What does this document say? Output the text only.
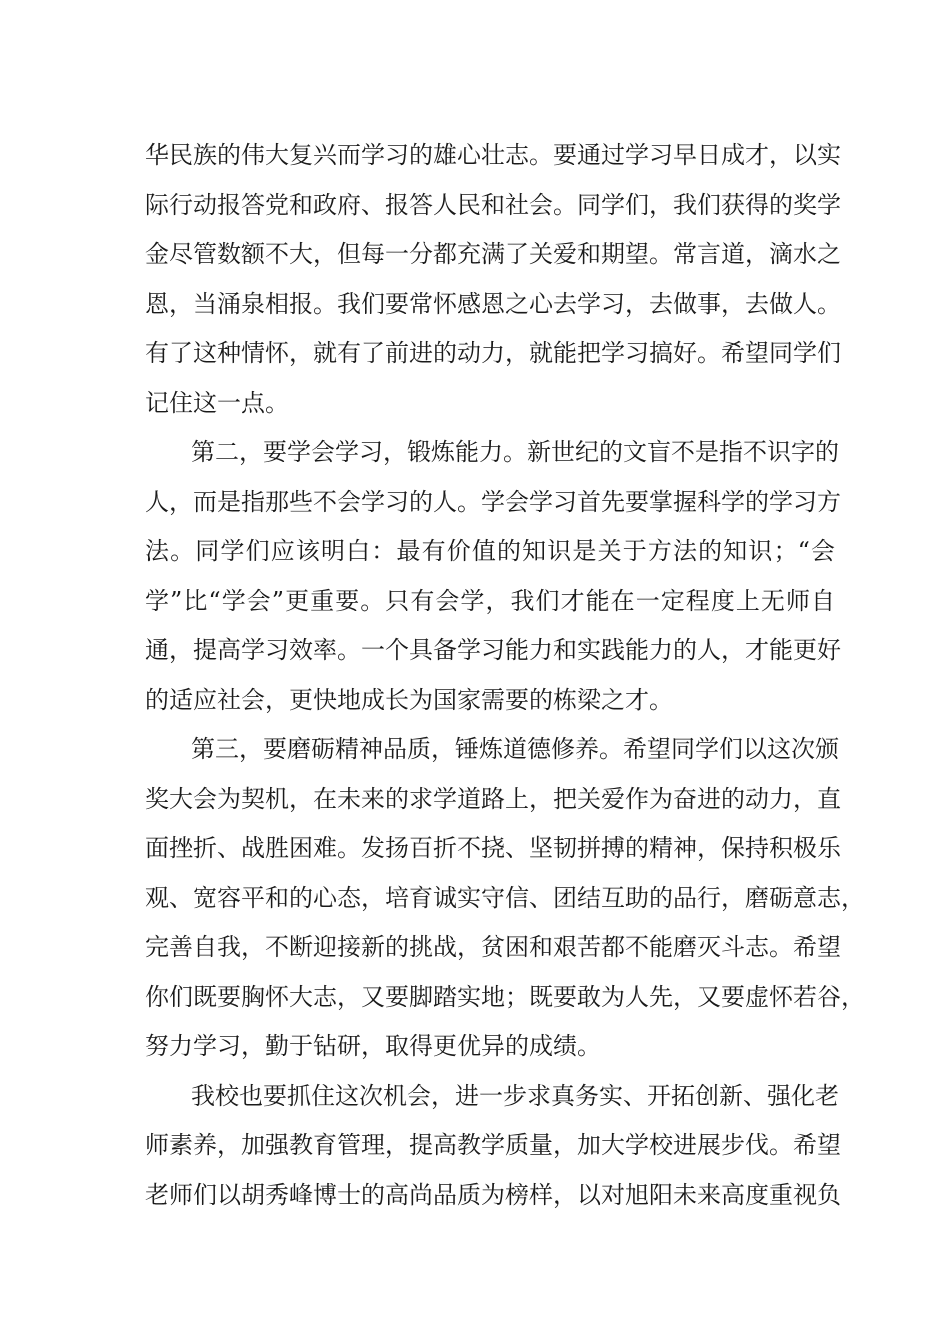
华民族的伟大复兴而学习的雄心壮志。要通过学习早日成才，以实
际行动报答党和政府、报答人民和社会。同学们，我们获得的奖学
金尽管数额不大，但每一分都充满了关爱和期望。常言道，滴水之
恩，当涌泉相报。我们要常怀感恩之心去学习，去做事，去做人。
有了这种情怀，就有了前进的动力，就能把学习搞好。希望同学们
记住这一点。
第二，要学会学习，锻炼能力。新世纪的文盲不是指不识字的
人，而是指那些不会学习的人。学会学习首先要掌握科学的学习方
法。同学们应该明白：最有价值的知识是关于方法的知识；“会
学”比“学会”更重要。只有会学，我们才能在一定程度上无师自
通，提高学习效率。一个具备学习能力和实践能力的人，才能更好
的适应社会，更快地成长为国家需要的栋梁之才。
第三，要磨砺精神品质，锤炼道德修养。希望同学们以这次颁
奖大会为契机，在未来的求学道路上，把关爱作为奋进的动力，直
面挫折、战胜困难。发扬百折不挠、坚韧拼搏的精神，保持积极乐
观、宽容平和的心态，培育诚实守信、团结互助的品行，磨砺意志，
完善自我，不断迎接新的挑战，贫困和艰苦都不能磨灭斗志。希望
你们既要胸怀大志，又要脚踏实地；既要敢为人先，又要虚怀若谷，
努力学习，勤于钻研，取得更优异的成绩。
我校也要抓住这次机会，进一步求真务实、开拓创新、强化老
师素养，加强教育管理，提高教学质量，加大学校进展步伐。希望
老师们以胡秀峰博士的高尚品质为榜样，以对旭阳未来高度重视负
